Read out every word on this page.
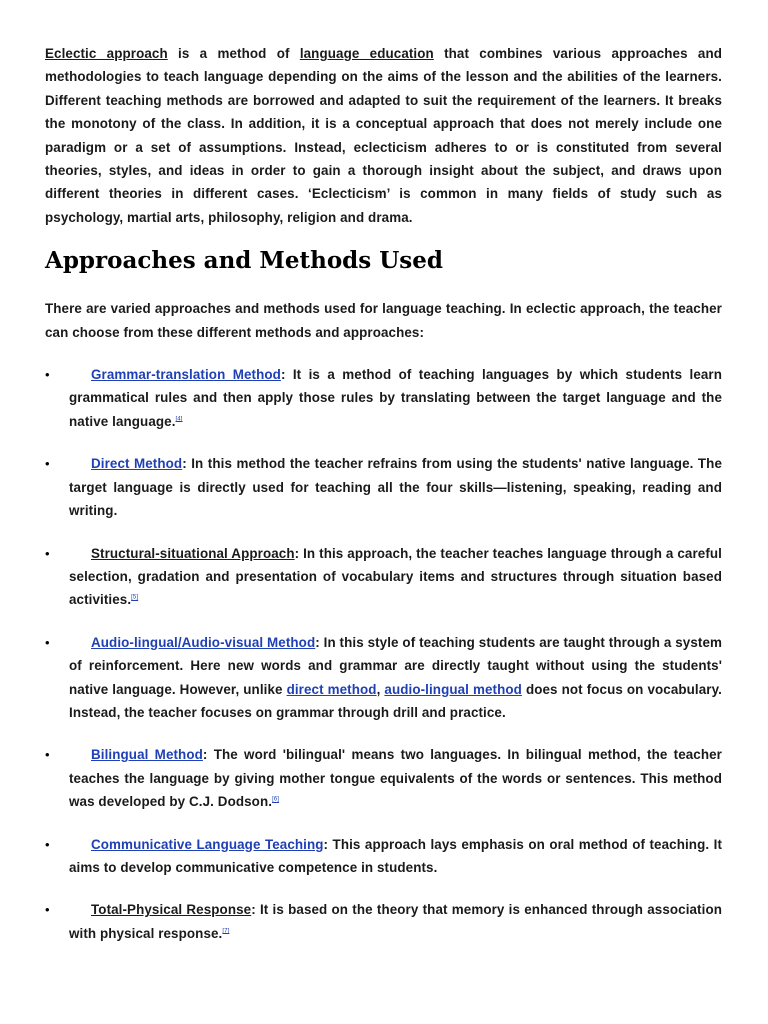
Eclectic approach is a method of language education that combines various approaches and methodologies to teach language depending on the aims of the lesson and the abilities of the learners. Different teaching methods are borrowed and adapted to suit the requirement of the learners. It breaks the monotony of the class. In addition, it is a conceptual approach that does not merely include one paradigm or a set of assumptions. Instead, eclecticism adheres to or is constituted from several theories, styles, and ideas in order to gain a thorough insight about the subject, and draws upon different theories in different cases. ‘Eclecticism’ is common in many fields of study such as psychology, martial arts, philosophy, religion and drama.

Approaches and Methods Used

There are varied approaches and methods used for language teaching. In eclectic approach, the teacher can choose from these different methods and approaches:

•	Grammar-translation Method: It is a method of teaching languages by which students learn grammatical rules and then apply those rules by translating between the target language and the native language.[4]

•	Direct Method: In this method the teacher refrains from using the students' native language. The target language is directly used for teaching all the four skills—listening, speaking, reading and writing.

•	Structural-situational Approach: In this approach, the teacher teaches language through a careful selection, gradation and presentation of vocabulary items and structures through situation based activities.[5]

•	Audio-lingual/Audio-visual Method: In this style of teaching students are taught through a system of reinforcement. Here new words and grammar are directly taught without using the students' native language. However, unlike direct method, audio-lingual method does not focus on vocabulary. Instead, the teacher focuses on grammar through drill and practice.

•	Bilingual Method: The word 'bilingual' means two languages. In bilingual method, the teacher teaches the language by giving mother tongue equivalents of the words or sentences. This method was developed by C.J. Dodson.[6]

•	Communicative Language Teaching: This approach lays emphasis on oral method of teaching. It aims to develop communicative competence in students.

•	Total-Physical Response: It is based on the theory that memory is enhanced through association with physical response.[7]
